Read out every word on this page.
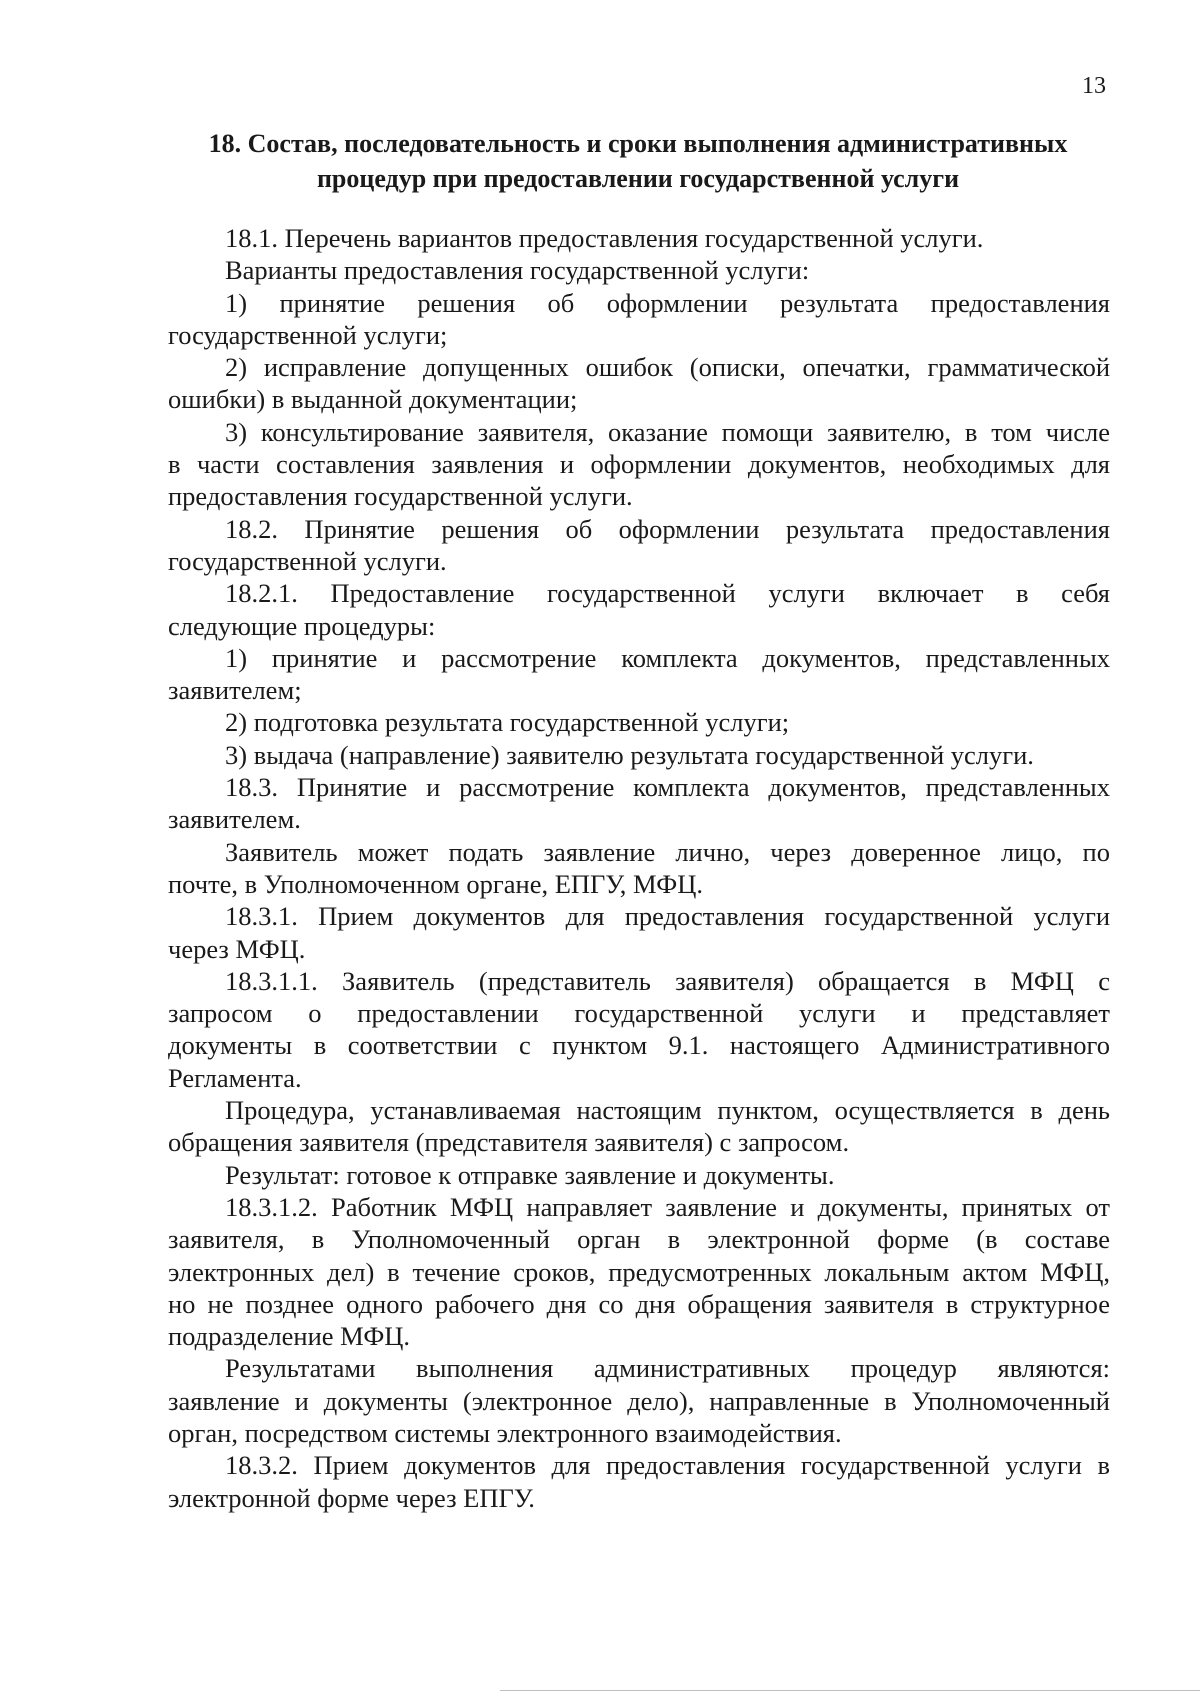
13
18. Состав, последовательность и сроки выполнения административных
процедур при предоставлении государственной услуги
18.1. Перечень вариантов предоставления государственной услуги.
Варианты предоставления государственной услуги:
1) принятие решения об оформлении результата предоставления
государственной услуги;
2) исправление допущенных ошибок (описки, опечатки, грамматической
ошибки) в выданной документации;
3) консультирование заявителя, оказание помощи заявителю, в том числе
в части составления заявления и оформлении документов, необходимых для
предоставления государственной услуги.
18.2. Принятие решения об оформлении результата предоставления
государственной услуги.
18.2.1. Предоставление государственной услуги включает в себя
следующие процедуры:
1) принятие и рассмотрение комплекта документов, представленных
заявителем;
2) подготовка результата государственной услуги;
3) выдача (направление) заявителю результата государственной услуги.
18.3. Принятие и рассмотрение комплекта документов, представленных
заявителем.
Заявитель может подать заявление лично, через доверенное лицо, по
почте, в Уполномоченном органе, ЕПГУ, МФЦ.
18.3.1. Прием документов для предоставления государственной услуги
через МФЦ.
18.3.1.1. Заявитель (представитель заявителя) обращается в МФЦ с
запросом о предоставлении государственной услуги и представляет
документы в соответствии с пунктом 9.1. настоящего Административного
Регламента.
Процедура, устанавливаемая настоящим пунктом, осуществляется в день
обращения заявителя (представителя заявителя) с запросом.
Результат: готовое к отправке заявление и документы.
18.3.1.2. Работник МФЦ направляет заявление и документы, принятых от
заявителя, в Уполномоченный орган в электронной форме (в составе
электронных дел) в течение сроков, предусмотренных локальным актом МФЦ,
но не позднее одного рабочего дня со дня обращения заявителя в структурное
подразделение МФЦ.
Результатами выполнения административных процедур являются:
заявление и документы (электронное дело), направленные в Уполномоченный
орган, посредством системы электронного взаимодействия.
18.3.2. Прием документов для предоставления государственной услуги в
электронной форме через ЕПГУ.
